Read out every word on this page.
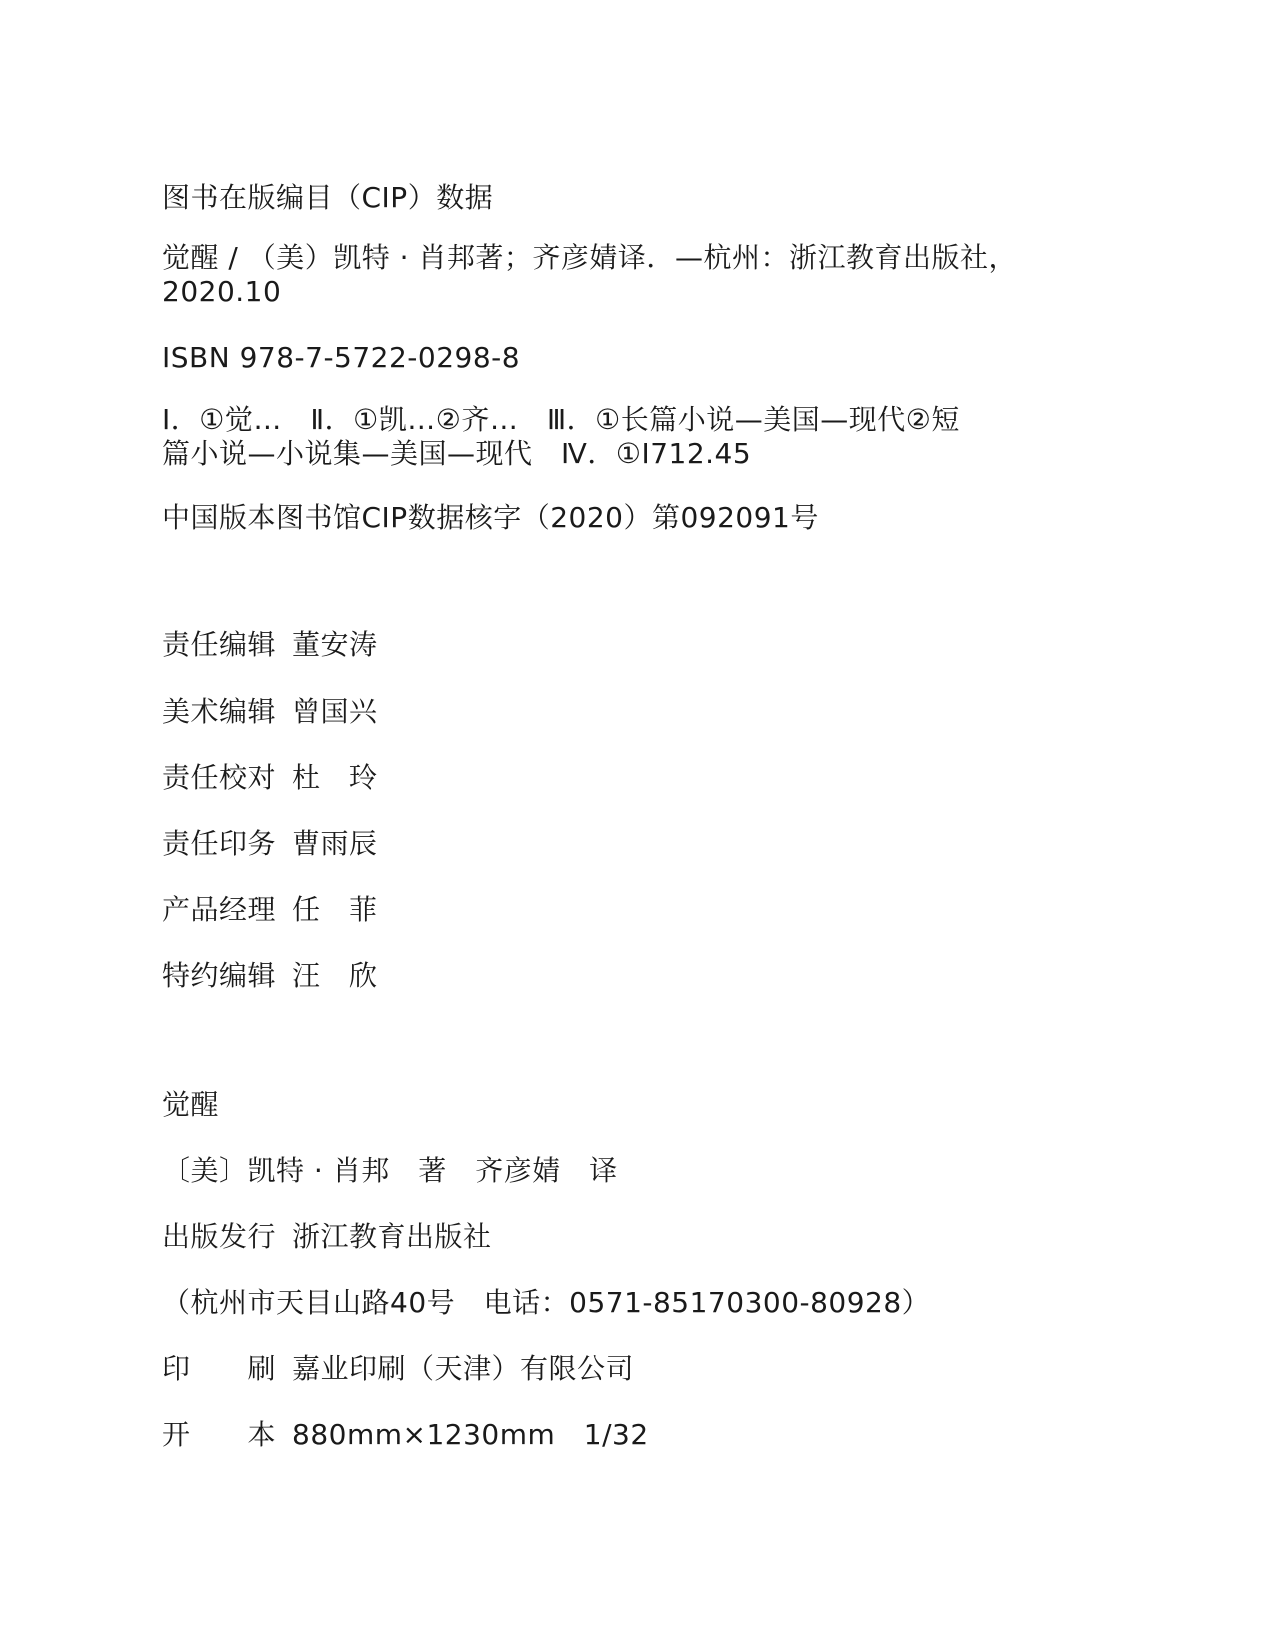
图书在版编目（CIP）数据
觉醒 / （美）凯特 · 肖邦著；齐彦婧译．—杭州：浙江教育出版社，
2020.10
ISBN 978-7-5722-0298-8
Ⅰ．①觉…　Ⅱ．①凯…②齐…　Ⅲ．①长篇小说—美国—现代②短
篇小说—小说集—美国—现代　Ⅳ．①I712.45
中国版本图书馆CIP数据核字（2020）第092091号
责任编辑 董安涛
美术编辑 曾国兴
责任校对 杜　玲
责任印务 曹雨辰
产品经理 任　菲
特约编辑 汪　欣
觉醒
〔美〕凯特 · 肖邦　著　齐彦婧　译
出版发行 浙江教育出版社
（杭州市天目山路40号　电话：0571-85170300-80928）
印　　刷 嘉业印刷（天津）有限公司
开　　本 880mm×1230mm　1/32
